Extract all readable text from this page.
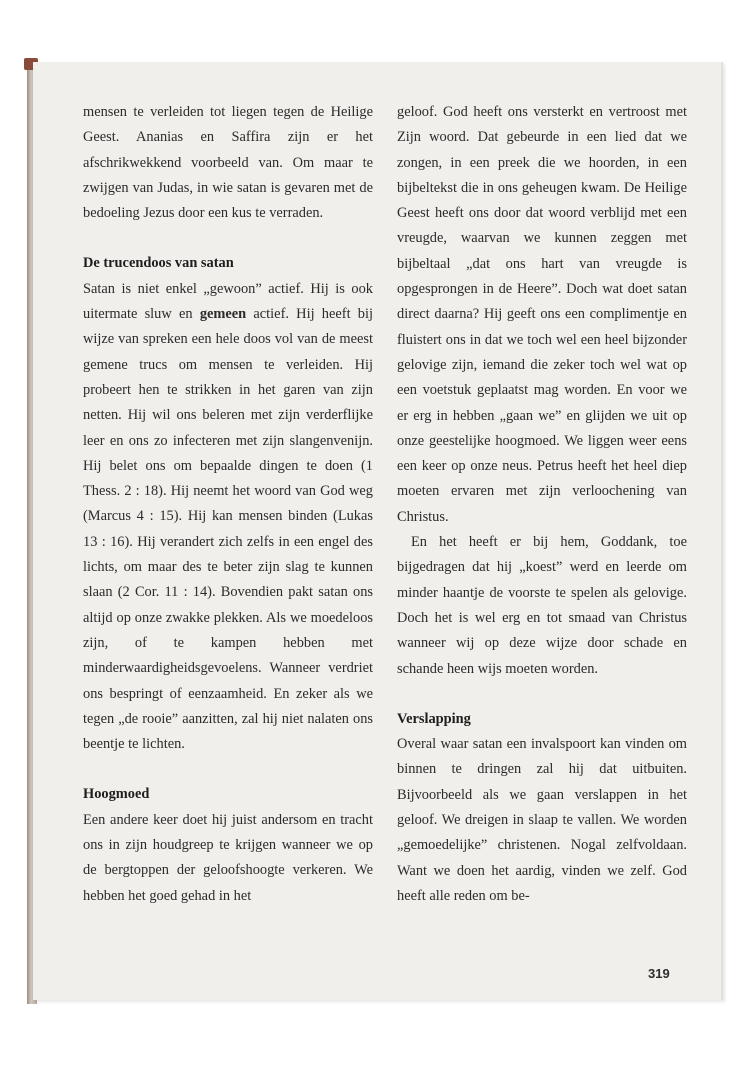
mensen te verleiden tot liegen tegen de Heilige Geest. Ananias en Saffira zijn er het afschrikwekkend voorbeeld van. Om maar te zwijgen van Judas, in wie satan is gevaren met de bedoeling Jezus door een kus te verraden.

De trucendoos van satan

Satan is niet enkel „gewoon” actief. Hij is ook uitermate sluw en gemeen actief. Hij heeft bij wijze van spreken een hele doos vol van de meest gemene trucs om mensen te verleiden. Hij probeert hen te strikken in het garen van zijn netten. Hij wil ons beleren met zijn verderflijke leer en ons zo infecteren met zijn slangenvenijn. Hij belet ons om bepaalde dingen te doen (1 Thess. 2 : 18). Hij neemt het woord van God weg (Marcus 4 : 15). Hij kan mensen binden (Lukas 13 : 16). Hij verandert zich zelfs in een engel des lichts, om maar des te beter zijn slag te kunnen slaan (2 Cor. 11 : 14). Bovendien pakt satan ons altijd op onze zwakke plekken. Als we moedeloos zijn, of te kampen hebben met minderwaardigheidsgevoelens. Wanneer verdriet ons bespringt of eenzaamheid. En zeker als we tegen „de rooie” aanzitten, zal hij niet nalaten ons beentje te lichten.

Hoogmoed

Een andere keer doet hij juist andersom en tracht ons in zijn houdgreep te krijgen wanneer we op de bergtoppen der geloofshoogte verkeren. We hebben het goed gehad in het

geloof. God heeft ons versterkt en vertroost met Zijn woord. Dat gebeurde in een lied dat we zongen, in een preek die we hoorden, in een bijbeltekst die in ons geheugen kwam. De Heilige Geest heeft ons door dat woord verblijd met een vreugde, waarvan we kunnen zeggen met bijbeltaal „dat ons hart van vreugde is opgesprongen in de Heere”. Doch wat doet satan direct daarna? Hij geeft ons een complimentje en fluistert ons in dat we toch wel een heel bijzonder gelovige zijn, iemand die zeker toch wel wat op een voetstuk geplaatst mag worden. En voor we er erg in hebben „gaan we” en glijden we uit op onze geestelijke hoogmoed. We liggen weer eens een keer op onze neus. Petrus heeft het heel diep moeten ervaren met zijn verloochening van Christus.

En het heeft er bij hem, Goddank, toe bijgedragen dat hij „koest” werd en leerde om minder haantje de voorste te spelen als gelovige. Doch het is wel erg en tot smaad van Christus wanneer wij op deze wijze door schade en schande heen wijs moeten worden.

Verslapping

Overal waar satan een invalspoort kan vinden om binnen te dringen zal hij dat uitbuiten. Bijvoorbeeld als we gaan verslappen in het geloof. We dreigen in slaap te vallen. We worden „gemoedelijke” christenen. Nogal zelfvoldaan. Want we doen het aardig, vinden we zelf. God heeft alle reden om be-

319
